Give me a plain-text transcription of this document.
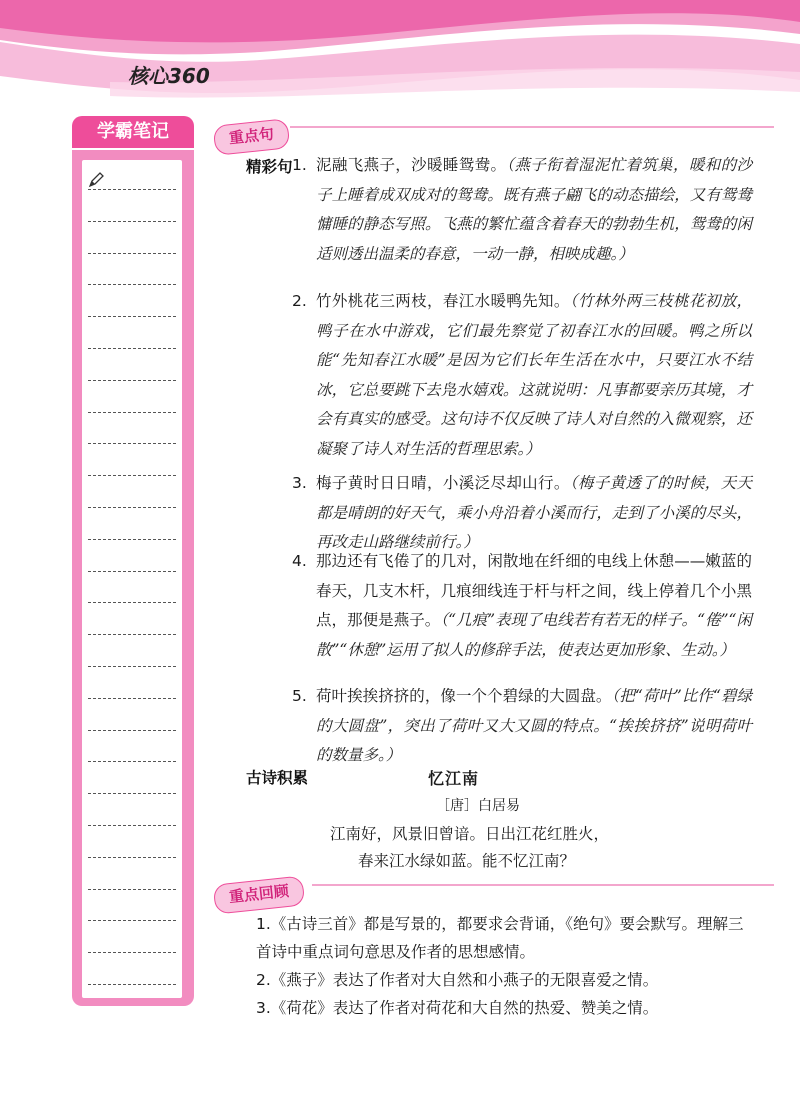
核心360
学霸笔记	重点句
精彩句 1. 泥融飞燕子，沙暖睡鸳鸯。（燕子衔着湿泥忙着筑巢，暖和的沙子上睡着成双成对的鸳鸯。既有燕子翩飞的动态描绘，又有鸳鸯慵睡的静态写照。飞燕的繁忙蕴含着春天的勃勃生机，鸳鸯的闲适则透出温柔的春意，一动一静，相映成趣。）
2. 竹外桃花三两枝，春江水暖鸭先知。（竹林外两三枝桃花初放，鸭子在水中游戏，它们最先察觉了初春江水的回暖。鸭之所以能“先知春江水暖”是因为它们长年生活在水中，只要江水不结冰，它总要跳下去凫水嬉戏。这就说明：凡事都要亲历其境，才会有真实的感受。这句诗不仅反映了诗人对自然的入微观察，还凝聚了诗人对生活的哲理思索。）
3. 梅子黄时日日晴，小溪泛尽却山行。（梅子黄透了的时候，天天都是晴朗的好天气，乘小舟沿着小溪而行，走到了小溪的尽头，再改走山路继续前行。）
4. 那边还有飞倦了的几对，闲散地在纤细的电线上休憩——嫩蓝的春天，几支木杆，几痕细线连于杆与杆之间，线上停着几个小黑点，那便是燕子。（“几痕”表现了电线若有若无的样子。“倦”“闲散”“休憩”运用了拟人的修辞手法，使表达更加形象、生动。）
5. 荷叶挨挨挤挤的，像一个个碧绿的大圆盘。（把“荷叶”比作“碧绿的大圆盘”，突出了荷叶又大又圆的特点。“挨挨挤挤”说明荷叶的数量多。）
古诗积累	忆江南
［唐］白居易
江南好，风景旧曾谙。日出江花红胜火，
春来江水绿如蓝。能不忆江南？
重点回顾
1.《古诗三首》都是写景的，都要求会背诵，《绝句》要会默写。理解三首诗中重点词句意思及作者的思想感情。
2.《燕子》表达了作者对大自然和小燕子的无限喜爱之情。
3.《荷花》表达了作者对荷花和大自然的热爱、赞美之情。
